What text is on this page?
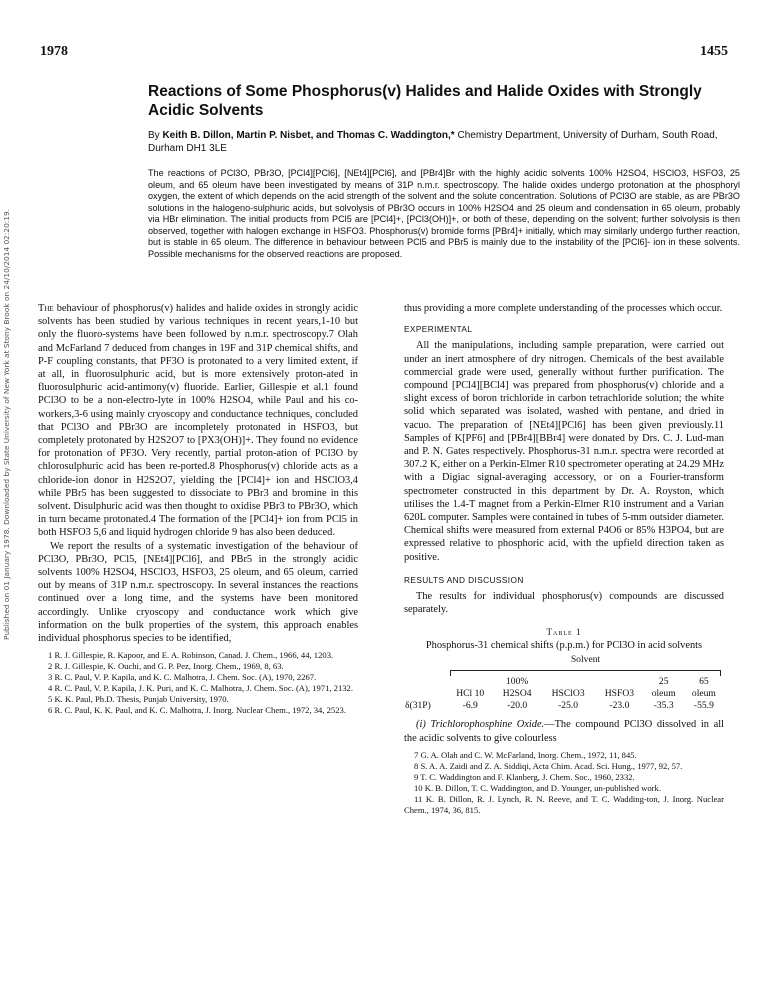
Published on 01 January 1978. Downloaded by State University of New York at Stony Brook on 24/10/2014 02:20:19.
1978	1455
Reactions of Some Phosphorus(v) Halides and Halide Oxides with Strongly Acidic Solvents
By Keith B. Dillon, Martin P. Nisbet, and Thomas C. Waddington,* Chemistry Department, University of Durham, South Road, Durham DH1 3LE

The reactions of PCl3O, PBr3O, [PCl4][PCl6], [NEt4][PCl6], and [PBr4]Br with the highly acidic solvents 100% H2SO4, HSClO3, HSFO3, 25 oleum, and 65 oleum have been investigated by means of 31P n.m.r. spectroscopy. The halide oxides undergo protonation at the phosphoryl oxygen, the extent of which depends on the acid strength of the solvent and the solute concentration. Solutions of PCl3O are stable, as are PBr3O solutions in the halogeno-sulphuric acids, but solvolysis of PBr3O occurs in 100% H2SO4 and 25 oleum and condensation in 65 oleum, probably via HBr elimination. The initial products from PCl5 are [PCl4]+, [PCl3(OH)]+, or both of these, depending on the solvent; further solvolysis is then observed, together with halogen exchange in HSFO3. Phosphorus(v) bromide forms [PBr4]+ initially, which may similarly undergo further reaction, but is stable in 65 oleum. The difference in behaviour between PCl5 and PBr5 is mainly due to the instability of the [PCl6]- ion in these solvents. Possible mechanisms for the observed reactions are proposed.

The behaviour of phosphorus(v) halides and halide oxides in strongly acidic solvents has been studied by various techniques in recent years,1-10 but only the fluoro-systems have been followed by n.m.r. spectroscopy.7 Olah and McFarland 7 deduced from changes in 19F and 31P chemical shifts, and P-F coupling constants, that PF3O is protonated to a very limited extent, if at all, in fluorosulphuric acid, but is more extensively proton-ated in fluorosulphuric acid-antimony(v) fluoride. Earlier, Gillespie et al.1 found PCl3O to be a non-electro-lyte in 100% H2SO4, while Paul and his co-workers,3-6 using mainly cryoscopy and conductance techniques, concluded that PCl3O and PBr3O are incompletely protonated in HSFO3, but completely protonated by H2S2O7 to [PX3(OH)]+. They found no evidence for protonation of PF3O. Very recently, partial proton-ation of PCl3O by chlorosulphuric acid has been re-ported.8 Phosphorus(v) chloride acts as a chloride-ion donor in H2S2O7, yielding the [PCl4]+ ion and HSClO3,4 while PBr5 has been suggested to dissociate to PBr3 and bromine in this solvent. Disulphuric acid was then thought to oxidise PBr3 to PBr3O, which in turn became protonated.4 The formation of the [PCl4]+ ion from PCl5 in both HSFO3 5,6 and liquid hydrogen chloride 9 has also been deduced.

We report the results of a systematic investigation of the behaviour of PCl3O, PBr3O, PCl5, [NEt4][PCl6], and PBr5 in the strongly acidic solvents 100% H2SO4, HSClO3, HSFO3, 25 oleum, and 65 oleum, carried out by means of 31P n.m.r. spectroscopy. In several instances the reactions continued over a long time, and the systems have been monitored accordingly. Unlike cryoscopy and conductance work which give information on the bulk properties of the system, this approach enables individual phosphorus species to be identified,

1 R. J. Gillespie, R. Kapoor, and E. A. Robinson, Canad. J. Chem., 1966, 44, 1203.

2 R. J. Gillespie, K. Ouchi, and G. P. Pez, Inorg. Chem., 1969, 8, 63.

3 R. C. Paul, V. P. Kapila, and K. C. Malhotra, J. Chem. Soc. (A), 1970, 2267.

4 R. C. Paul, V. P. Kapila, J. K. Puri, and K. C. Malhotra, J. Chem. Soc. (A), 1971, 2132.

5 K. K. Paul, Ph.D. Thesis, Punjab University, 1970.

6 R. C. Paul, K. K. Paul, and K. C. Malhotra, J. Inorg. Nuclear Chem., 1972, 34, 2523.

thus providing a more complete understanding of the processes which occur.

EXPERIMENTAL

All the manipulations, including sample preparation, were carried out under an inert atmosphere of dry nitrogen. Chemicals of the best available commercial grade were used, generally without further purification. The compound [PCl4][BCl4] was prepared from phosphorus(v) chloride and a slight excess of boron trichloride in carbon tetrachloride solution; the white solid which separated was isolated, washed with pentane, and dried in vacuo. The preparation of [NEt4][PCl6] has been given previously.11 Samples of K[PF6] and [PBr4][BBr4] were donated by Drs. C. J. Lud-man and P. N. Gates respectively. Phosphorus-31 n.m.r. spectra were recorded at 307.2 K, either on a Perkin-Elmer R10 spectrometer operating at 24.29 MHz with a Digiac signal-averaging accessory, or on a Fourier-transform spectrometer constructed in this department by Dr. A. Royston, which utilises the 1.4-T magnet from a Perkin-Elmer R10 instrument and a Varian 620L computer. Samples were contained in tubes of 5-mm outsider diameter. Chemical shifts were measured from external P4O6 or 85% H3PO4, but are expressed relative to phosphoric acid, with the upfield direction taken as positive.

RESULTS AND DISCUSSION

The results for individual phosphorus(v) compounds are discussed separately.

Table 1
Phosphorus-31 chemical shifts (p.p.m.) for PCl3O in acid solvents
	Solvent					

		100%			25	65
	HCl 10	H2SO4	HSClO3	HSFO3	oleum	oleum
δ(31P)	-6.9	-20.0	-25.0	-23.0	-35.3	-55.9

(i) Trichlorophosphine Oxide.—The compound PCl3O dissolved in all the acidic solvents to give colourless

7 G. A. Olah and C. W. McFarland, Inorg. Chem., 1972, 11, 845.

8 S. A. A. Zaidi and Z. A. Siddiqi, Acta Chim. Acad. Sci. Hung., 1977, 92, 57.

9 T. C. Waddington and F. Klanberg, J. Chem. Soc., 1960, 2332.

10 K. B. Dillon, T. C. Waddington, and D. Younger, un-published work.

11 K. B. Dillon, R. J. Lynch, R. N. Reeve, and T. C. Wadding-ton, J. Inorg. Nuclear Chem., 1974, 36, 815.
